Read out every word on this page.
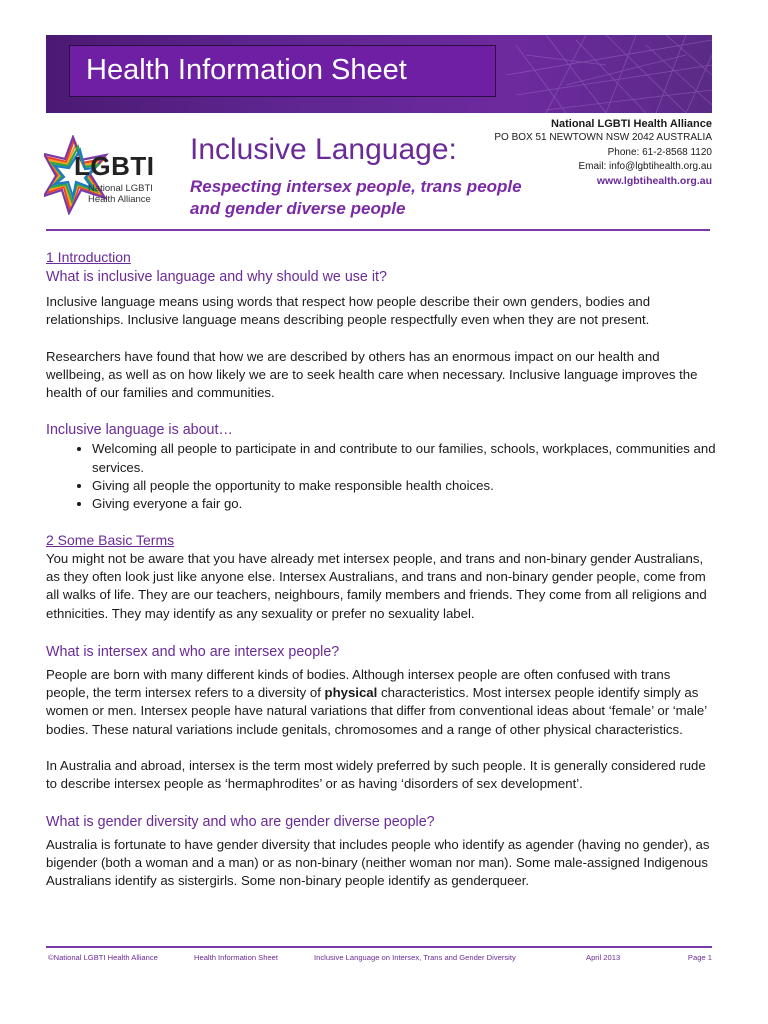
Health Information Sheet
LGBTI
National LGBTI
Health Alliance
Inclusive Language:
Respecting intersex people, trans people and gender diverse people
National LGBTI Health Alliance
PO BOX 51 NEWTOWN NSW 2042 AUSTRALIA
Phone: 61-2-8568 1120
Email: info@lgbtihealth.org.au
www.lgbtihealth.org.au
1 Introduction
What is inclusive language and why should we use it?

Inclusive language means using words that respect how people describe their own genders, bodies and relationships. Inclusive language means describing people respectfully even when they are not present.

Researchers have found that how we are described by others has an enormous impact on our health and wellbeing, as well as on how likely we are to seek health care when necessary. Inclusive language improves the health of our families and communities.

Inclusive language is about…
• Welcoming all people to participate in and contribute to our families, schools, workplaces, communities and services.
• Giving all people the opportunity to make responsible health choices.
• Giving everyone a fair go.
2 Some Basic Terms

You might not be aware that you have already met intersex people, and trans and non-binary gender Australians, as they often look just like anyone else. Intersex Australians, and trans and non-binary gender people, come from all walks of life. They are our teachers, neighbours, family members and friends. They come from all religions and ethnicities. They may identify as any sexuality or prefer no sexuality label.

What is intersex and who are intersex people?

People are born with many different kinds of bodies. Although intersex people are often confused with trans people, the term intersex refers to a diversity of physical characteristics. Most intersex people identify simply as women or men. Intersex people have natural variations that differ from conventional ideas about ‘female’ or ‘male’ bodies. These natural variations include genitals, chromosomes and a range of other physical characteristics.

In Australia and abroad, intersex is the term most widely preferred by such people. It is generally considered rude to describe intersex people as ‘hermaphrodites’ or as having ‘disorders of sex development’.

What is gender diversity and who are gender diverse people?

Australia is fortunate to have gender diversity that includes people who identify as agender (having no gender), as bigender (both a woman and a man) or as non-binary (neither woman nor man). Some male-assigned Indigenous Australians identify as sistergirls. Some non-binary people identify as genderqueer.

©National LGBTI Health Alliance	Health Information Sheet	Inclusive Language on Intersex, Trans and Gender Diversity	April 2013	Page 1
